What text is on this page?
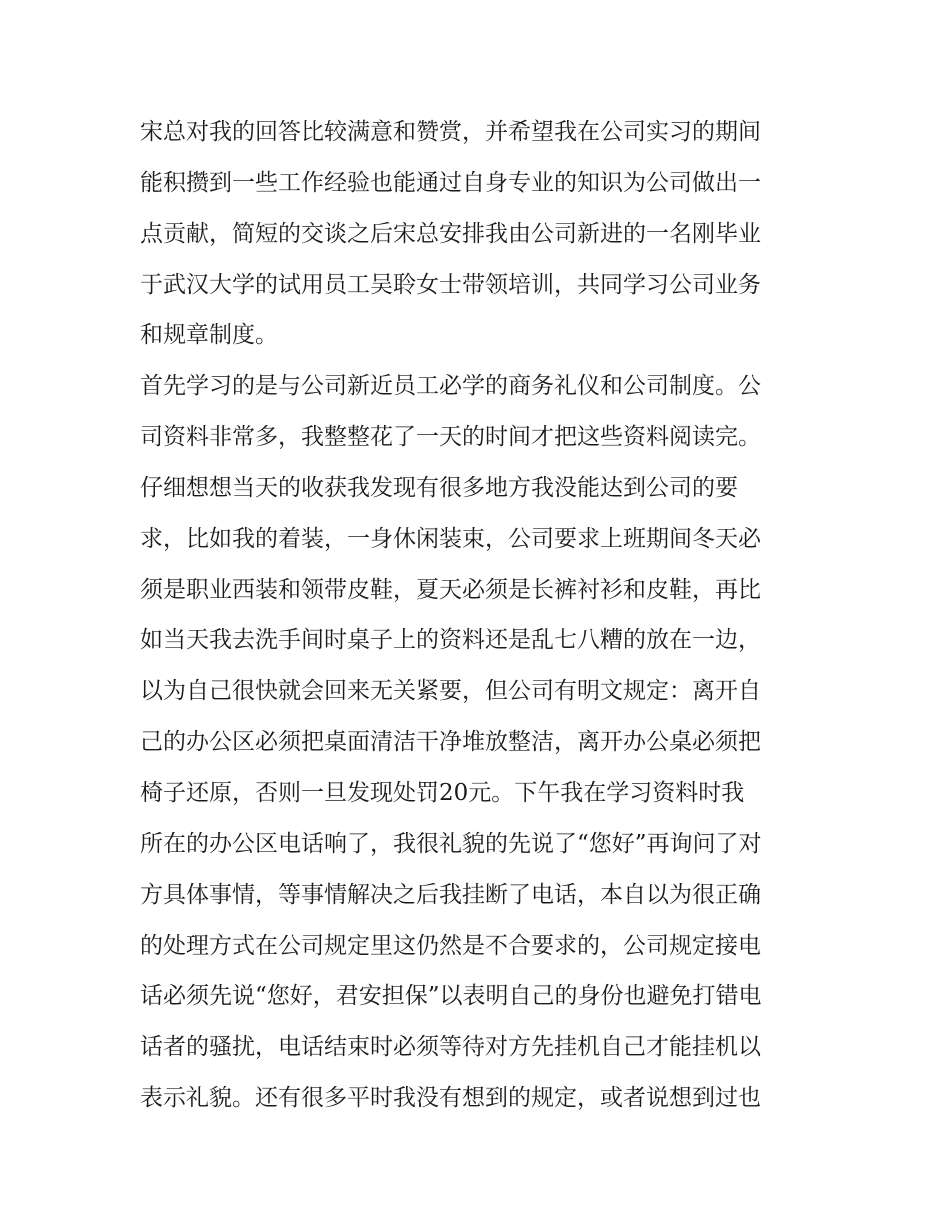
宋总对我的回答比较满意和赞赏，并希望我在公司实习的期间
能积攒到一些工作经验也能通过自身专业的知识为公司做出一
点贡献，简短的交谈之后宋总安排我由公司新进的一名刚毕业
于武汉大学的试用员工吴聆女士带领培训，共同学习公司业务
和规章制度。
首先学习的是与公司新近员工必学的商务礼仪和公司制度。公
司资料非常多，我整整花了一天的时间才把这些资料阅读完。
仔细想想当天的收获我发现有很多地方我没能达到公司的要
求，比如我的着装，一身休闲装束，公司要求上班期间冬天必
须是职业西装和领带皮鞋，夏天必须是长裤衬衫和皮鞋，再比
如当天我去洗手间时桌子上的资料还是乱七八糟的放在一边，
以为自己很快就会回来无关紧要，但公司有明文规定：离开自
己的办公区必须把桌面清洁干净堆放整洁，离开办公桌必须把
椅子还原，否则一旦发现处罚20元。下午我在学习资料时我
所在的办公区电话响了，我很礼貌的先说了“您好”再询问了对
方具体事情，等事情解决之后我挂断了电话，本自以为很正确
的处理方式在公司规定里这仍然是不合要求的，公司规定接电
话必须先说“您好，君安担保”以表明自己的身份也避免打错电
话者的骚扰，电话结束时必须等待对方先挂机自己才能挂机以
表示礼貌。还有很多平时我没有想到的规定，或者说想到过也
